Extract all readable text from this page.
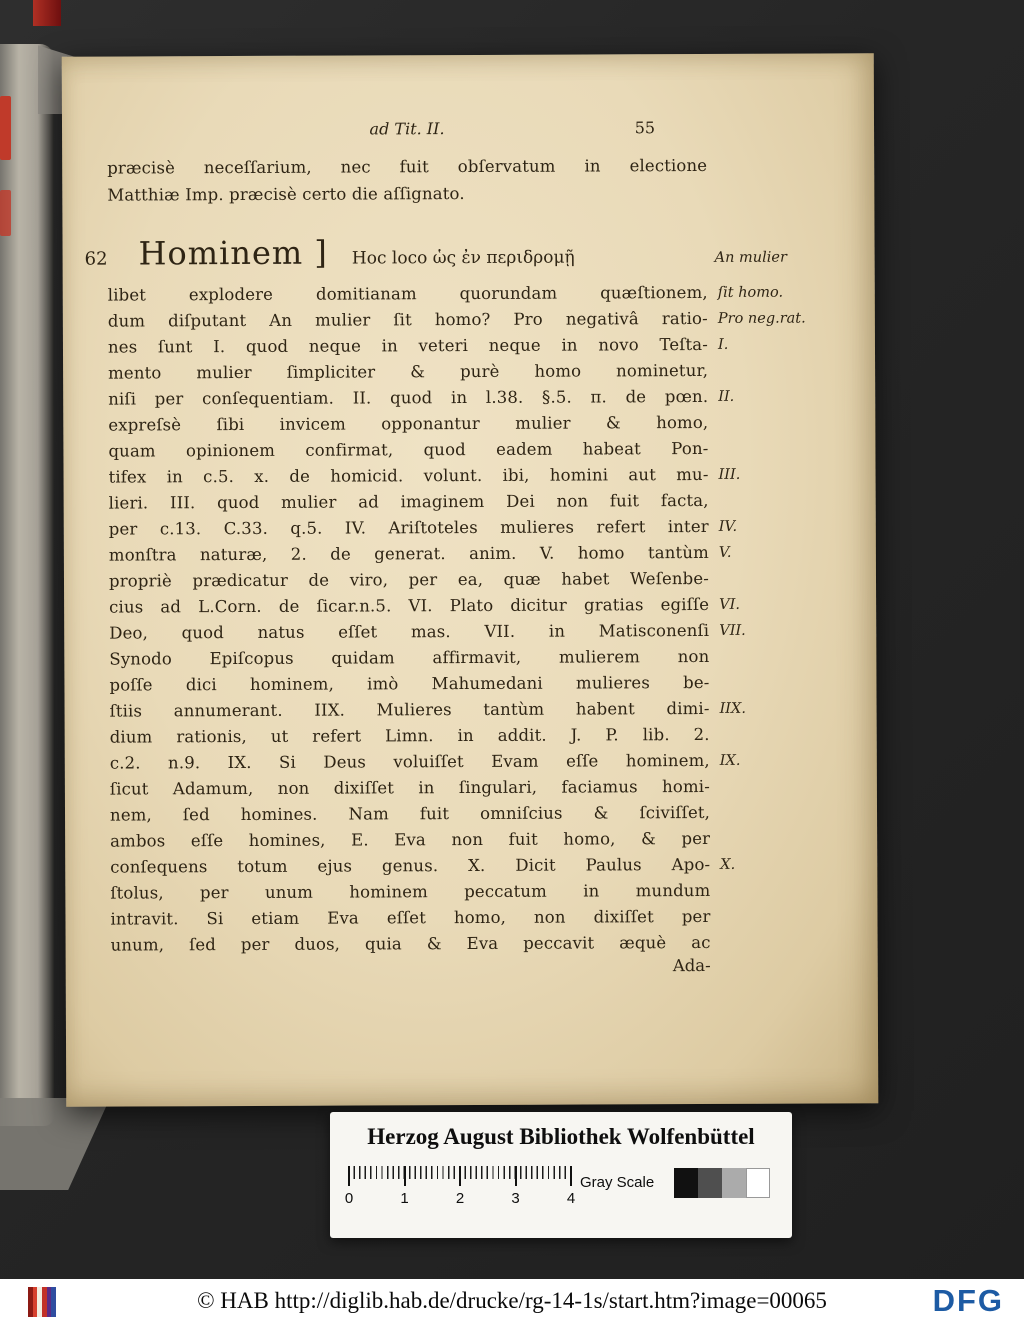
ad Tit. II.	55
præcisè neceſſarium, nec fuit obſervatum in electione
Matthiæ Imp. præcisè certo die aſſignato.
62 Hominem ] Hoc loco ὡς ἐν περιδρομῇ	An mulier
libet explodere domitianam quorundam quæſtionem, ſit homo.
dum diſputant An mulier ſit homo? Pro negativâ ratio- Pro neg.rat.
nes ſunt I. quod neque in veteri neque in novo Teſta- I.
mento mulier ſimpliciter & purè homo nominetur,
niſi per conſequentiam. II. quod in l.38. §.5. π. de pœn. II.
expreſsè ſibi invicem opponantur mulier & homo,
quam opinionem confirmat, quod eadem habeat Pon-
tifex in c.5. x. de homicid. volunt. ibi, homini aut mu- III.
lieri. III. quod mulier ad imaginem Dei non fuit facta,
per c.13. C.33. q.5. IV. Ariſtoteles mulieres refert inter IV.
monſtra naturæ, 2. de generat. anim. V. homo tantùm V.
propriè prædicatur de viro, per ea, quæ habet Weſenbe-
cius ad L.Corn. de ſicar.n.5. VI. Plato dicitur gratias egiſſe VI.
Deo, quod natus eſſet mas. VII. in Matisconenſi VII.
Synodo Epiſcopus quidam affirmavit, mulierem non
poſſe dici hominem, imò Mahumedani mulieres be-
ſtiis annumerant. IIX. Mulieres tantùm habent dimi- IIX.
dium rationis, ut refert Limn. in addit. J. P. lib. 2.
c.2. n.9. IX. Si Deus voluiſſet Evam eſſe hominem, IX.
ſicut Adamum, non dixiſſet in ſingulari, faciamus homi-
nem, ſed homines. Nam fuit omniſcius & ſciviſſet,
ambos eſſe homines, E. Eva non fuit homo, & per
conſequens totum ejus genus. X. Dicit Paulus Apo- X.
ſtolus, per unum hominem peccatum in mundum
intravit. Si etiam Eva eſſet homo, non dixiſſet per
unum, ſed per duos, quia & Eva peccavit æquè ac
Ada-
Herzog August Bibliothek Wolfenbüttel
0	1	2	3	4
Gray Scale
© HAB http://diglib.hab.de/drucke/rg-14-1s/start.htm?image=00065	DFG
